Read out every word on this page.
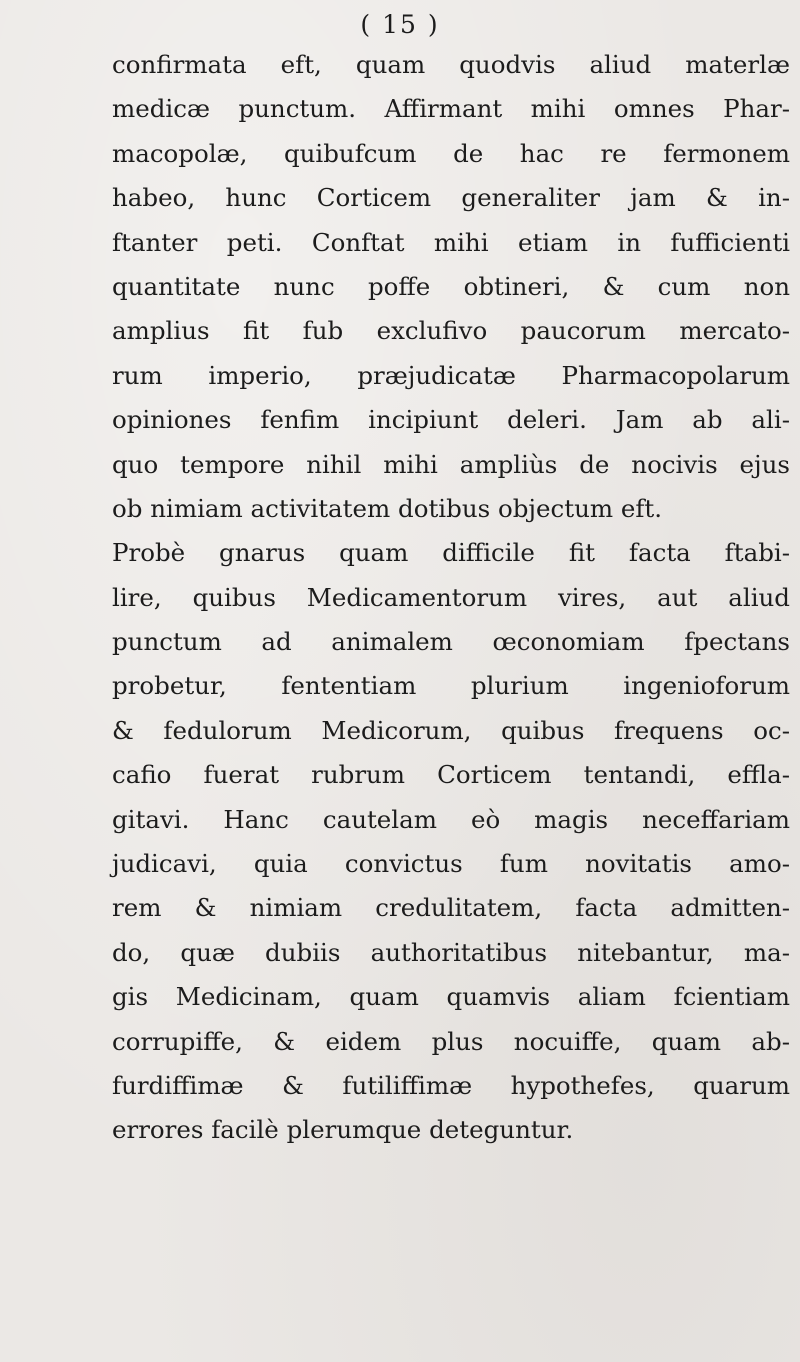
( 15 )
confirmata eft, quam quodvis aliud materlæ
medicæ punctum. Affirmant mihi omnes Phar-
macopolæ, quibufcum de hac re fermonem
habeo, hunc Corticem generaliter jam & in-
ftanter peti. Conftat mihi etiam in fufficienti
quantitate nunc poffe obtineri, & cum non
amplius fit fub exclufivo paucorum mercato-
rum imperio, præjudicatæ Pharmacopolarum
opiniones fenfim incipiunt deleri. Jam ab ali-
quo tempore nihil mihi ampliùs de nocivis ejus
ob nimiam activitatem dotibus objectum eft.
Probè gnarus quam difficile fit facta ftabi-
lire, quibus Medicamentorum vires, aut aliud
punctum ad animalem œconomiam fpectans
probetur, fententiam plurium ingenioforum
& fedulorum Medicorum, quibus frequens oc-
cafio fuerat rubrum Corticem tentandi, effla-
gitavi. Hanc cautelam eò magis neceffariam
judicavi, quia convictus fum novitatis amo-
rem & nimiam credulitatem, facta admitten-
do, quæ dubiis authoritatibus nitebantur, ma-
gis Medicinam, quam quamvis aliam fcientiam
corrupiffe, & eidem plus nocuiffe, quam ab-
furdiffimæ & futiliffimæ hypothefes, quarum
errores facilè plerumque deteguntur.
